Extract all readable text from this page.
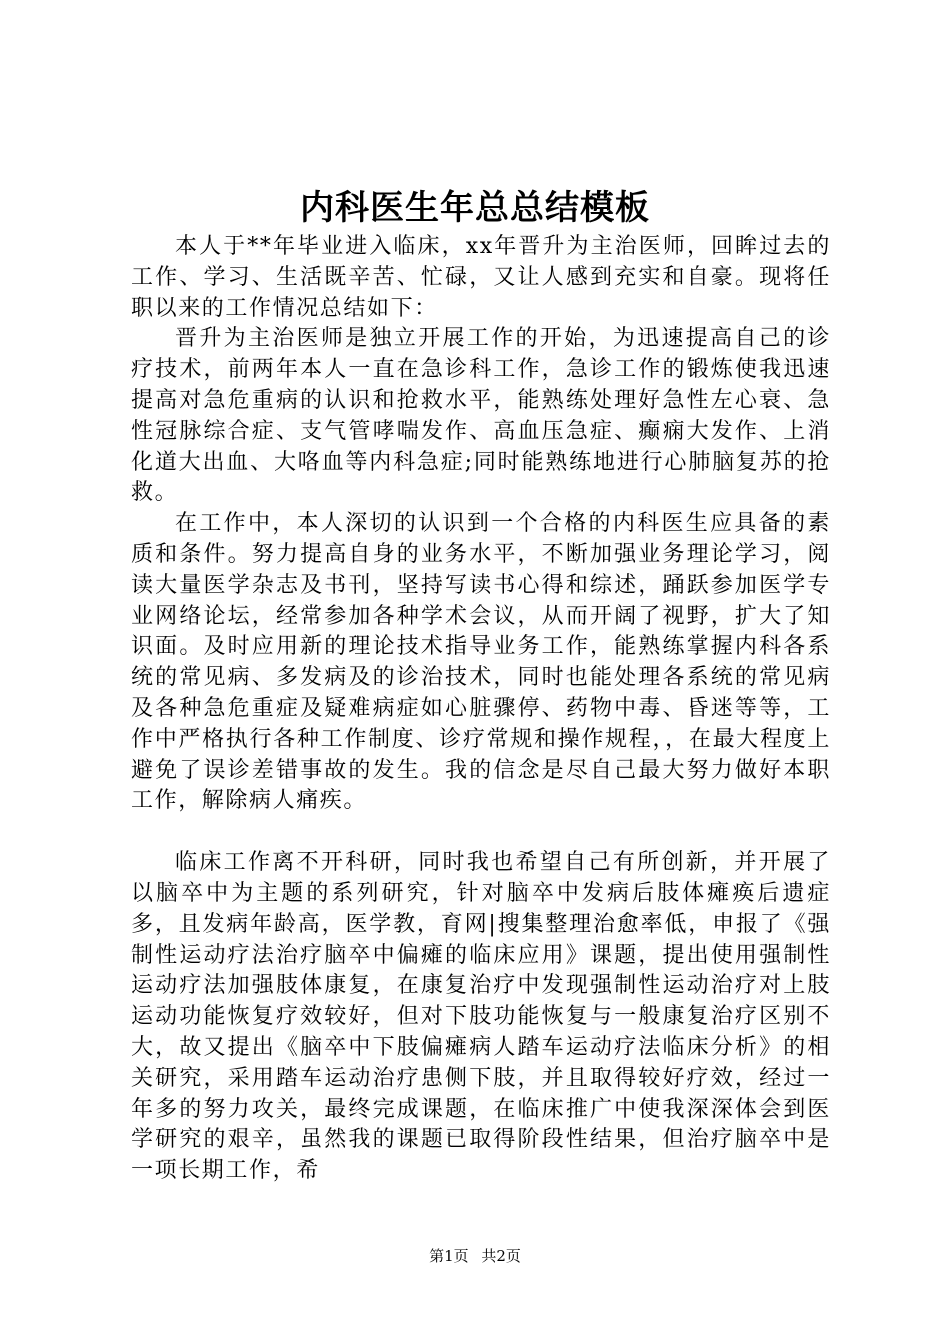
内科医生年总总结模板

本人于**年毕业进入临床，xx年晋升为主治医师，回眸过去的工作、学习、生活既辛苦、忙碌，又让人感到充实和自豪。现将任职以来的工作情况总结如下：

晋升为主治医师是独立开展工作的开始，为迅速提高自己的诊疗技术，前两年本人一直在急诊科工作，急诊工作的锻炼使我迅速提高对急危重病的认识和抢救水平，能熟练处理好急性左心衰、急性冠脉综合症、支气管哮喘发作、高血压急症、癫痫大发作、上消化道大出血、大咯血等内科急症;同时能熟练地进行心肺脑复苏的抢救。

在工作中，本人深切的认识到一个合格的内科医生应具备的素质和条件。努力提高自身的业务水平，不断加强业务理论学习，阅读大量医学杂志及书刊，坚持写读书心得和综述，踊跃参加医学专业网络论坛，经常参加各种学术会议，从而开阔了视野，扩大了知识面。及时应用新的理论技术指导业务工作，能熟练掌握内科各系统的常见病、多发病及的诊治技术，同时也能处理各系统的常见病及各种急危重症及疑难病症如心脏骤停、药物中毒、昏迷等等，工作中严格执行各种工作制度、诊疗常规和操作规程，，在最大程度上避免了误诊差错事故的发生。我的信念是尽自己最大努力做好本职工作，解除病人痛疾。

临床工作离不开科研，同时我也希望自己有所创新，并开展了以脑卒中为主题的系列研究，针对脑卒中发病后肢体瘫痪后遗症多，且发病年龄高，医学教，育网|搜集整理治愈率低，申报了《强制性运动疗法治疗脑卒中偏瘫的临床应用》课题，提出使用强制性运动疗法加强肢体康复，在康复治疗中发现强制性运动治疗对上肢运动功能恢复疗效较好，但对下肢功能恢复与一般康复治疗区别不大，故又提出《脑卒中下肢偏瘫病人踏车运动疗法临床分析》的相关研究，采用踏车运动治疗患侧下肢，并且取得较好疗效，经过一年多的努力攻关，最终完成课题，在临床推广中使我深深体会到医学研究的艰辛，虽然我的课题已取得阶段性结果，但治疗脑卒中是一项长期工作，希

第1页 共2页
